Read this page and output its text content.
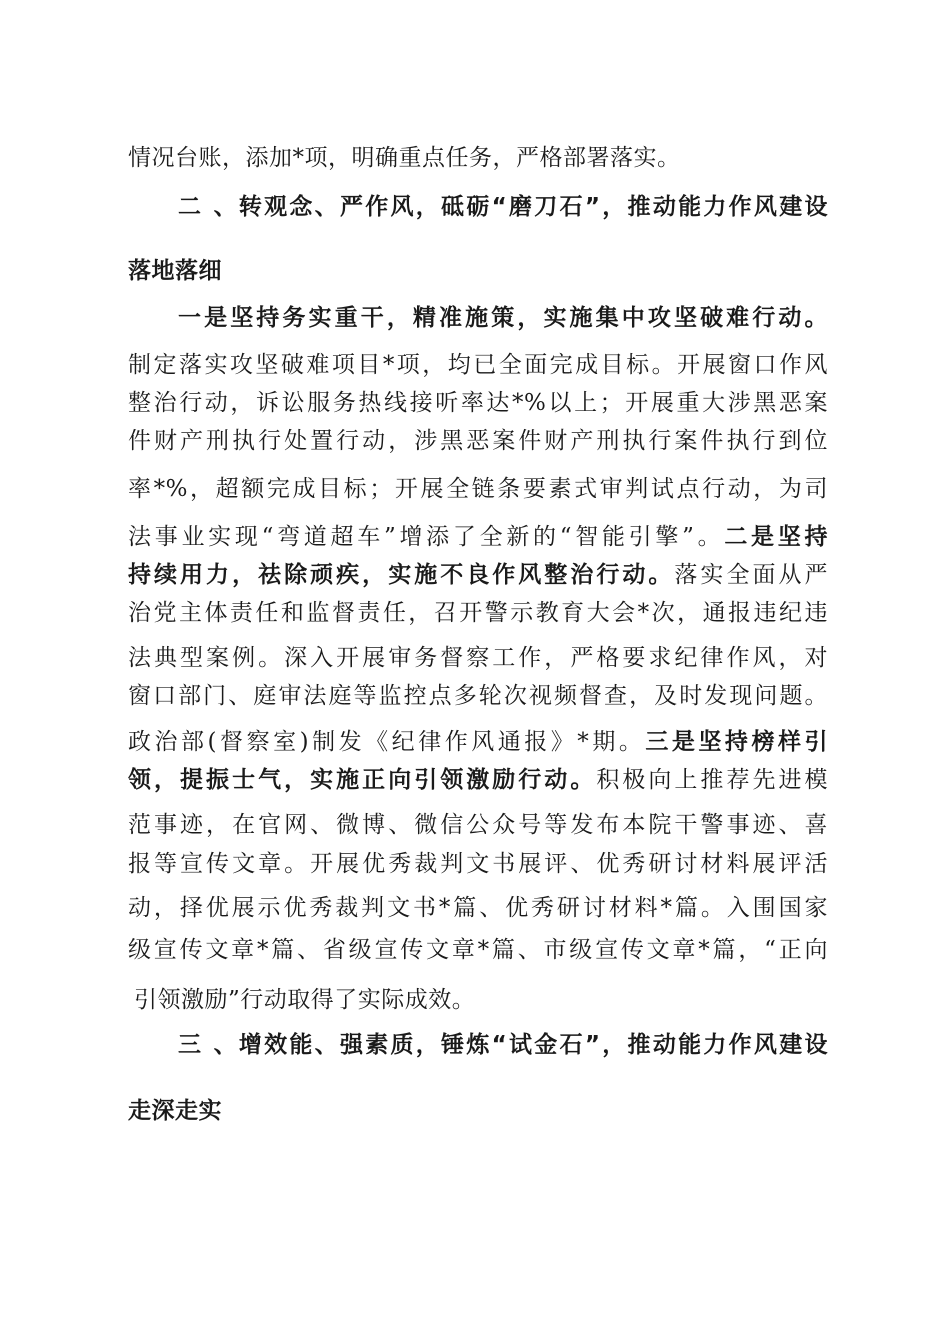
情况台账，添加*项，明确重点任务，严格部署落实。
二 、转观念、严作风，砥砺“磨刀石”，推动能力作风建设
落地落细
一是坚持务实重干，精准施策，实施集中攻坚破难行动。
制定落实攻坚破难项目*项，均已全面完成目标。开展窗口作风
整治行动，诉讼服务热线接听率达*%以上；开展重大涉黑恶案
件财产刑执行处置行动，涉黑恶案件财产刑执行案件执行到位
率*%，超额完成目标；开展全链条要素式审判试点行动，为司
法事业实现“弯道超车”增添了全新的“智能引擎”。二是坚持
持续用力，祛除顽疾，实施不良作风整治行动。落实全面从严
治党主体责任和监督责任，召开警示教育大会*次，通报违纪违
法典型案例。深入开展审务督察工作，严格要求纪律作风，对
窗口部门、庭审法庭等监控点多轮次视频督查，及时发现问题。
政治部(督察室)制发《纪律作风通报》*期。三是坚持榜样引
领，提振士气，实施正向引领激励行动。积极向上推荐先进模
范事迹，在官网、微博、微信公众号等发布本院干警事迹、喜
报等宣传文章。开展优秀裁判文书展评、优秀研讨材料展评活
动，择优展示优秀裁判文书*篇、优秀研讨材料*篇。入围国家
级宣传文章*篇、省级宣传文章*篇、市级宣传文章*篇，“正向
引领激励”行动取得了实际成效。
三 、增效能、强素质，锤炼“试金石”，推动能力作风建设
走深走实
